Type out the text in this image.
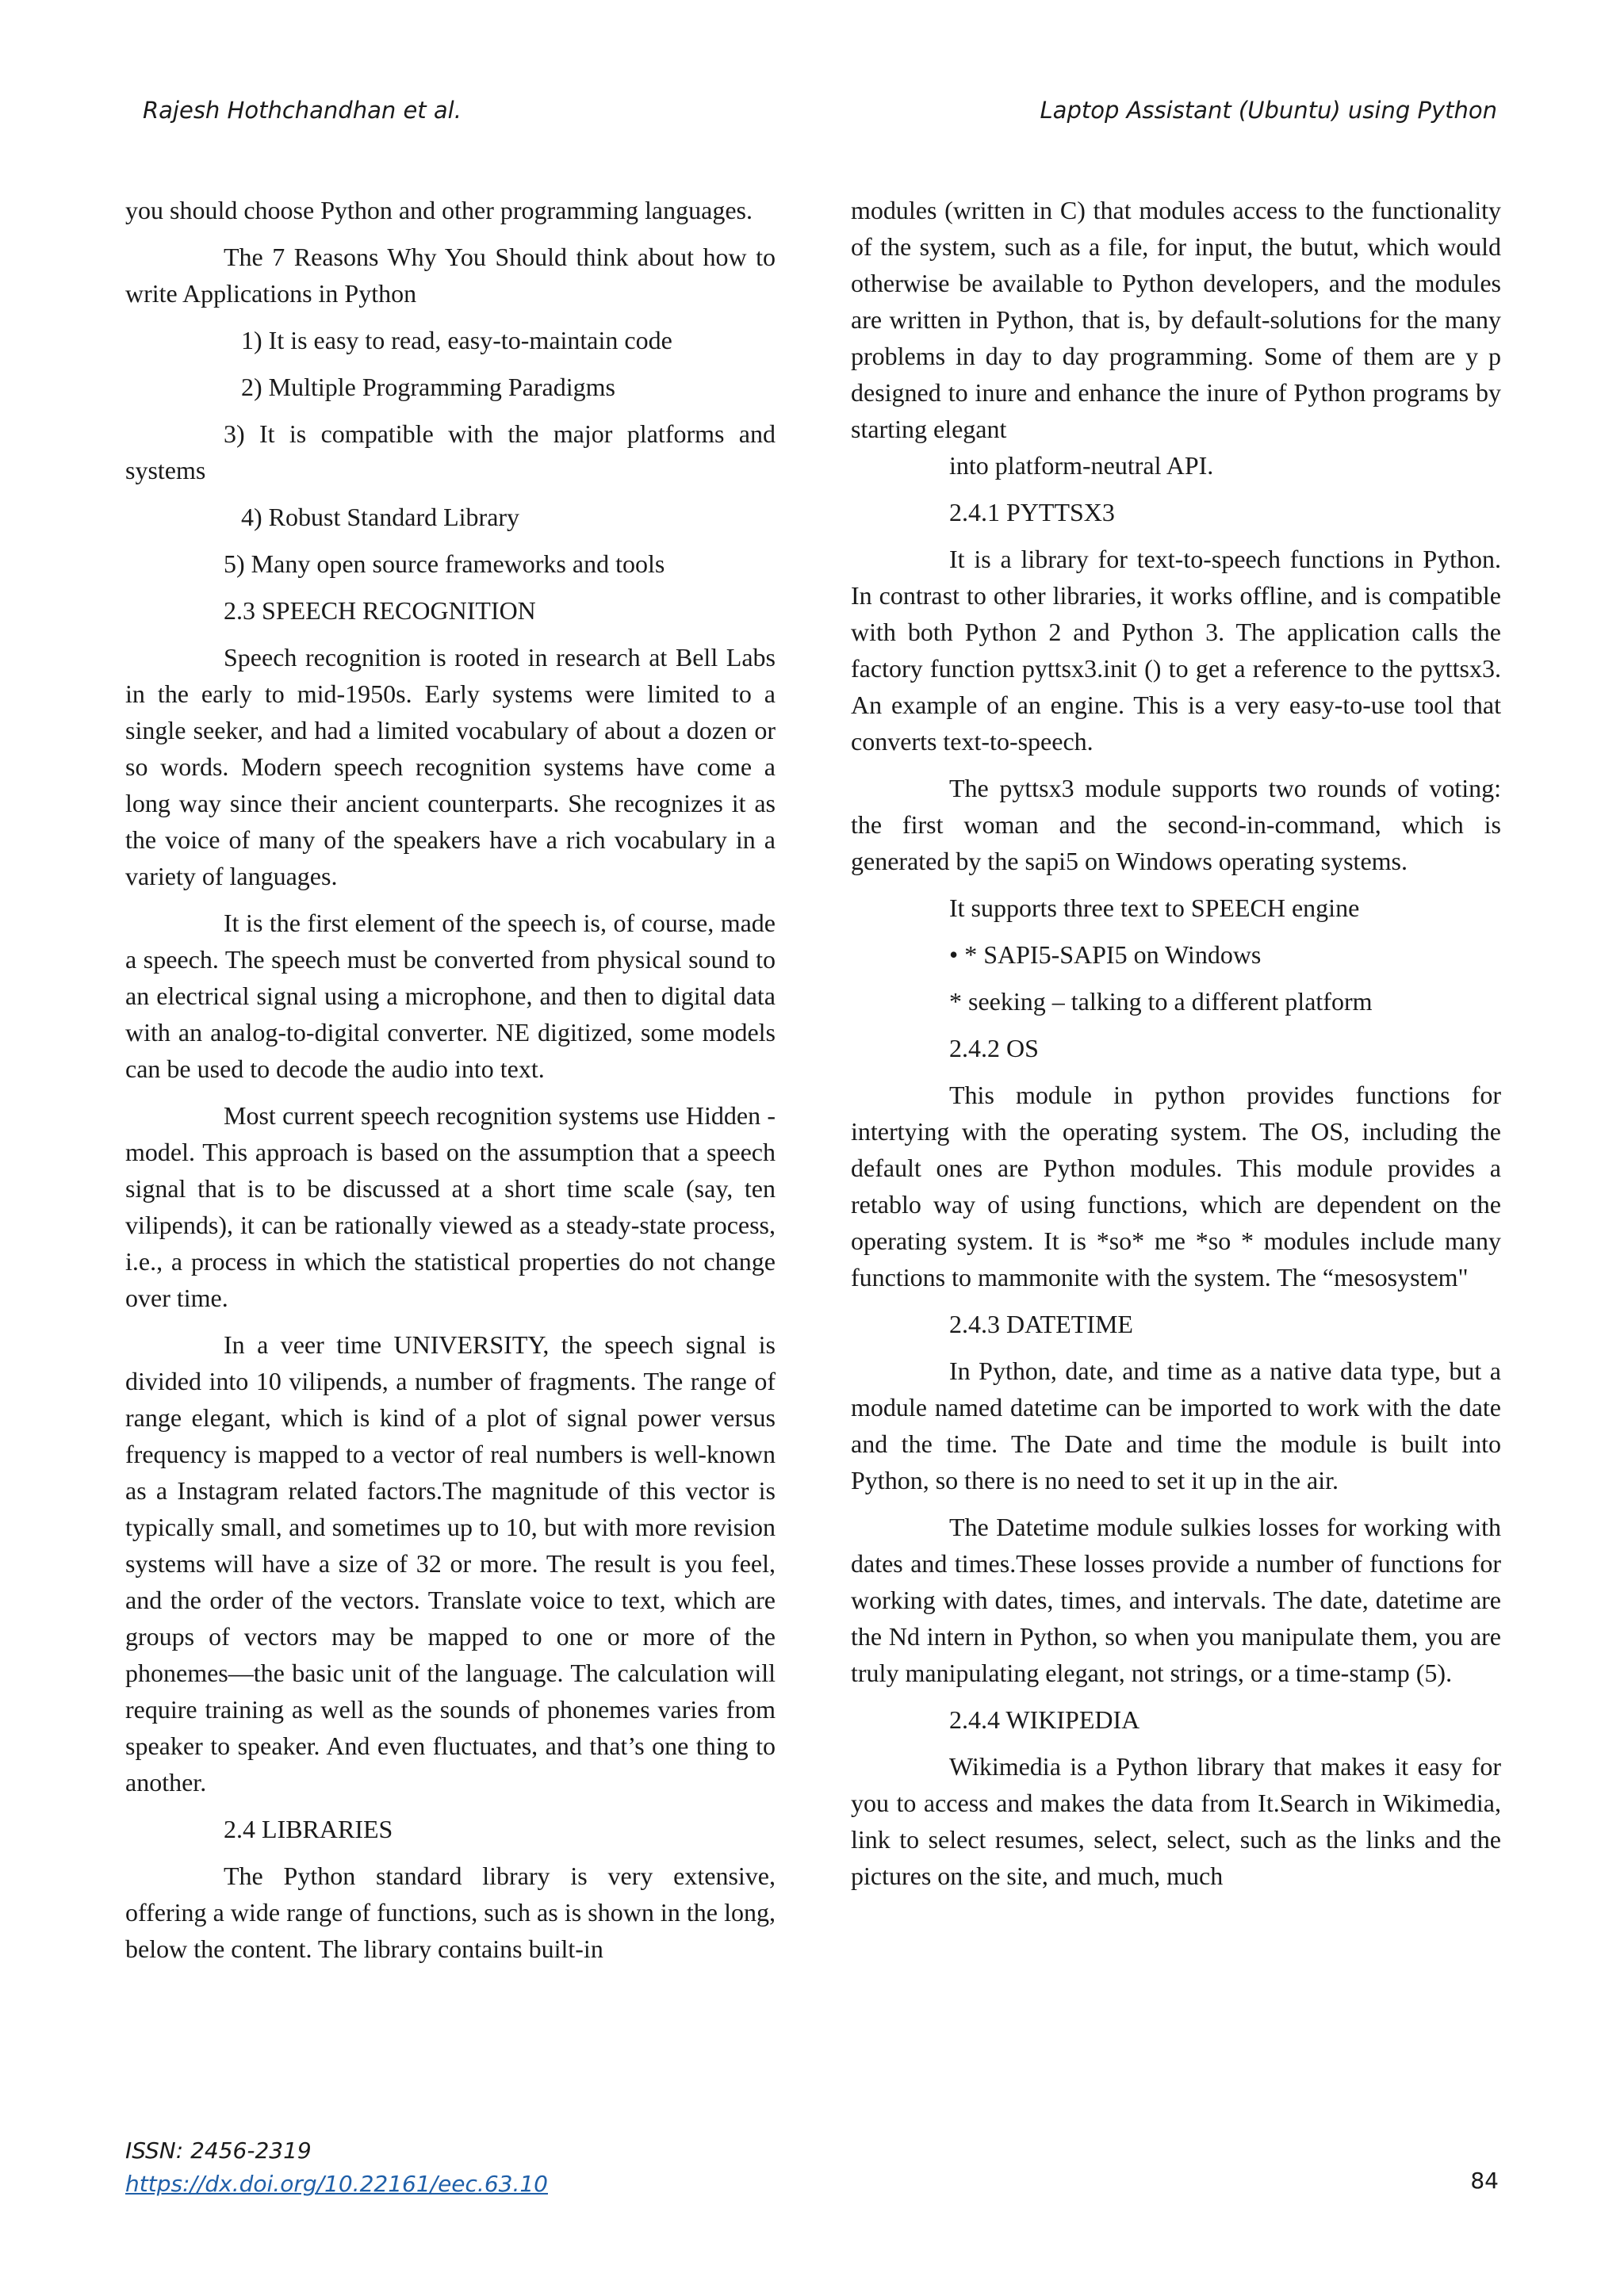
Rajesh Hothchandhan et al.	Laptop Assistant (Ubuntu) using Python

you should choose Python and other programming languages.

The 7 Reasons Why You Should think about how to write Applications in Python

1) It is easy to read, easy-to-maintain code

2) Multiple Programming Paradigms

3) It is compatible with the major platforms and systems

4) Robust Standard Library

5) Many open source frameworks and tools

2.3 SPEECH RECOGNITION

Speech recognition is rooted in research at Bell Labs in the early to mid-1950s. Early systems were limited to a single seeker, and had a limited vocabulary of about a dozen or so words. Modern speech recognition systems have come a long way since their ancient counterparts. She recognizes it as the voice of many of the speakers have a rich vocabulary in a variety of languages.

It is the first element of the speech is, of course, made a speech. The speech must be converted from physical sound to an electrical signal using a microphone, and then to digital data with an analog-to-digital converter. NE digitized, some models can be used to decode the audio into text.

Most current speech recognition systems use Hidden - model. This approach is based on the assumption that a speech signal that is to be discussed at a short time scale (say, ten vilipends), it can be rationally viewed as a steady-state process, i.e., a process in which the statistical properties do not change over time.

In a veer time UNIVERSITY, the speech signal is divided into 10 vilipends, a number of fragments. The range of range elegant, which is kind of a plot of signal power versus frequency is mapped to a vector of real numbers is well-known as a Instagram related factors.The magnitude of this vector is typically small, and sometimes up to 10, but with more revision systems will have a size of 32 or more. The result is you feel, and the order of the vectors. Translate voice to text, which are groups of vectors may be mapped to one or more of the phonemes—the basic unit of the language. The calculation will require training as well as the sounds of phonemes varies from speaker to speaker. And even fluctuates, and that’s one thing to another.

2.4 LIBRARIES

The Python standard library is very extensive, offering a wide range of functions, such as is shown in the long, below the content. The library contains built-in

modules (written in C) that modules access to the functionality of the system, such as a file, for input, the butut, which would otherwise be available to Python developers, and the modules are written in Python, that is, by default-solutions for the many problems in day to day programming. Some of them are y p designed to inure and enhance the inure of Python programs by starting elegant

into platform-neutral API.

2.4.1 PYTTSX3

It is a library for text-to-speech functions in Python. In contrast to other libraries, it works offline, and is compatible with both Python 2 and Python 3. The application calls the factory function pyttsx3.init () to get a reference to the pyttsx3. An example of an engine. This is a very easy-to-use tool that converts text-to-speech.

The pyttsx3 module supports two rounds of voting: the first woman and the second-in-command, which is generated by the sapi5 on Windows operating systems.

It supports three text to SPEECH engine

• * SAPI5-SAPI5 on Windows

* seeking – talking to a different platform

2.4.2 OS

This module in python provides functions for intertying with the operating system. The OS, including the default ones are Python modules. This module provides a retablo way of using functions, which are dependent on the operating system. It is *so* me *so * modules include many functions to mammonite with the system. The “mesosystem"

2.4.3 DATETIME

In Python, date, and time as a native data type, but a module named datetime can be imported to work with the date and the time. The Date and time the module is built into Python, so there is no need to set it up in the air.

The Datetime module sulkies losses for working with dates and times.These losses provide a number of functions for working with dates, times, and intervals. The date, datetime are the Nd intern in Python, so when you manipulate them, you are truly manipulating elegant, not strings, or a time-stamp (5).

2.4.4 WIKIPEDIA

Wikimedia is a Python library that makes it easy for you to access and makes the data from It.Search in Wikimedia, link to select resumes, select, select, such as the links and the pictures on the site, and much, much

ISSN: 2456-2319
https://dx.doi.org/10.22161/eec.63.10	84
